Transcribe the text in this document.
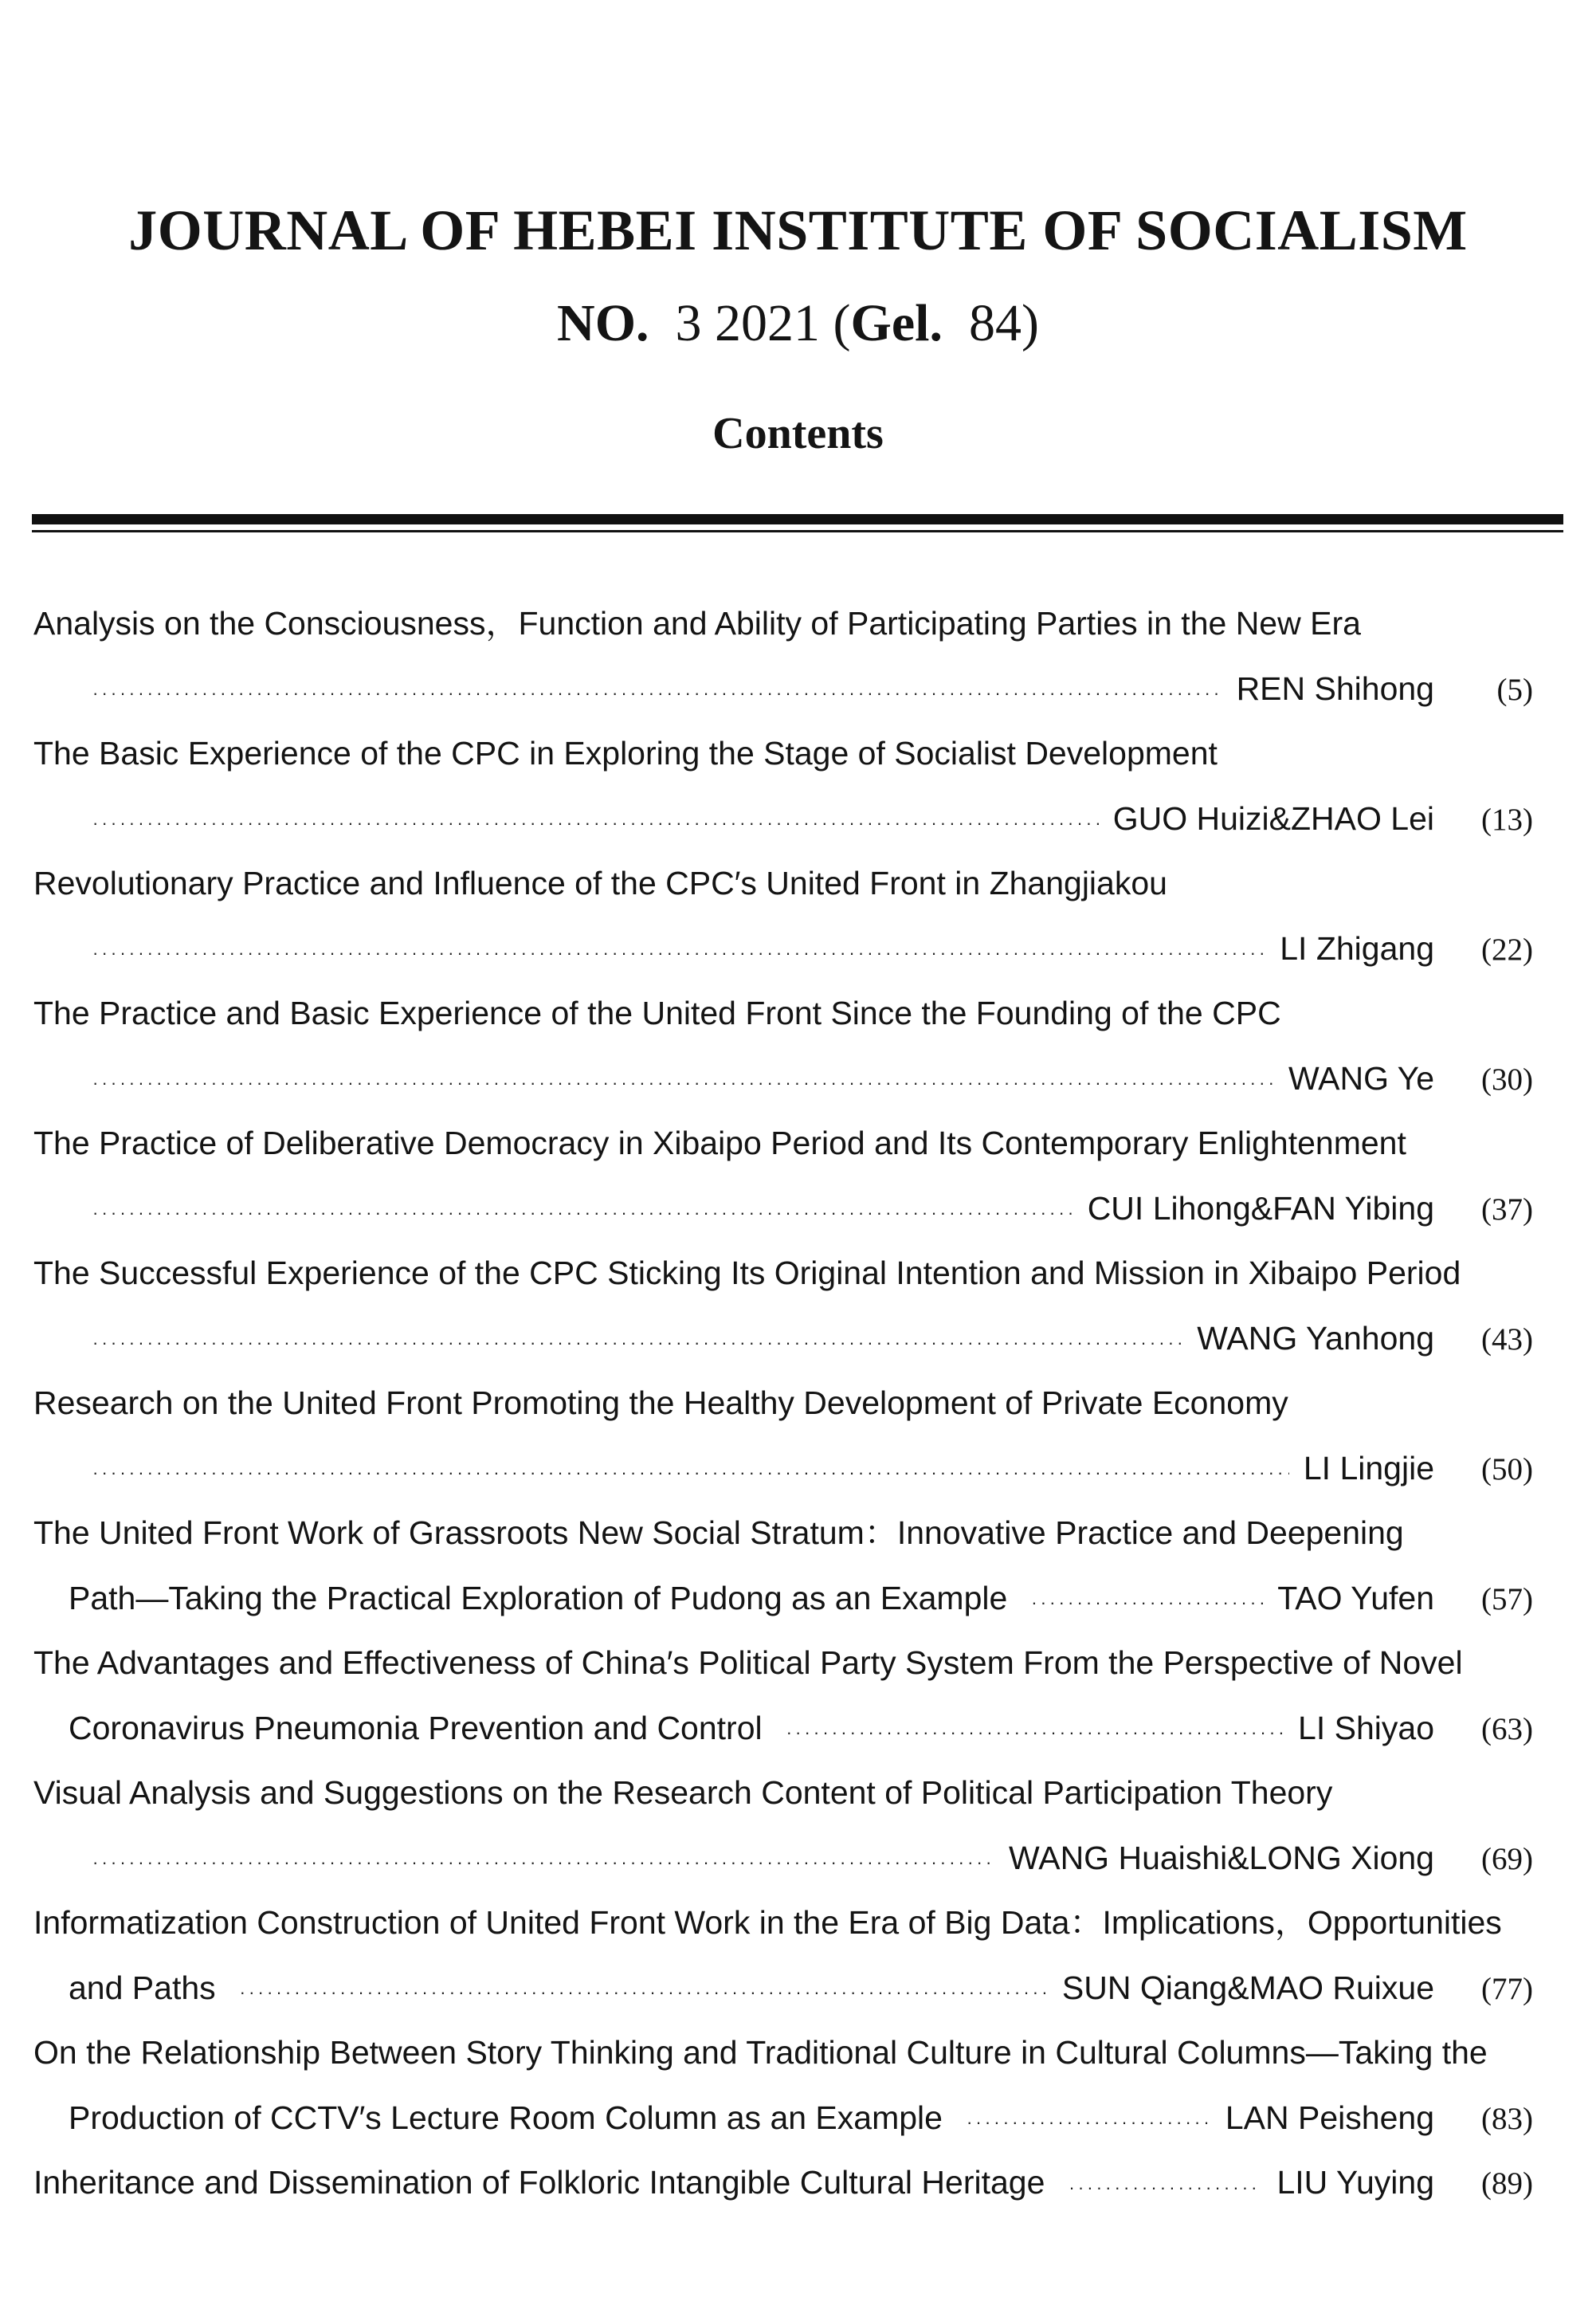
JOURNAL OF HEBEI INSTITUTE OF SOCIALISM
NO. 3 2021 (Gel. 84)
Contents
Analysis on the Consciousness，Function and Ability of Participating Parties in the New Era
· · ·
REN Shihong	(5)
The Basic Experience of the CPC in Exploring the Stage of Socialist Development
· · ·
GUO Huizi&ZHAO Lei	(13)
Revolutionary Practice and Influence of the CPC′s United Front in Zhangjiakou
· · ·
LI Zhigang	(22)
The Practice and Basic Experience of the United Front Since the Founding of the CPC
· · ·
WANG Ye	(30)
The Practice of Deliberative Democracy in Xibaipo Period and Its Contemporary Enlightenment
· · ·
CUI Lihong&FAN Yibing	(37)
The Successful Experience of the CPC Sticking Its Original Intention and Mission in Xibaipo Period
· · ·
WANG Yanhong	(43)
Research on the United Front Promoting the Healthy Development of Private Economy
· · ·
LI Lingjie	(50)
The United Front Work of Grassroots New Social Stratum：Innovative Practice and Deepening
Path—Taking the Practical Exploration of Pudong as an Example · · ·	TAO Yufen	(57)
The Advantages and Effectiveness of China′s Political Party System From the Perspective of Novel
Coronavirus Pneumonia Prevention and Control · · ·	LI Shiyao	(63)
Visual Analysis and Suggestions on the Research Content of Political Participation Theory
· · ·
WANG Huaishi&LONG Xiong	(69)
Informatization Construction of United Front Work in the Era of Big Data：Implications，Opportunities
and Paths · · ·	SUN Qiang&MAO Ruixue	(77)
On the Relationship Between Story Thinking and Traditional Culture in Cultural Columns—Taking the
Production of CCTV′s Lecture Room Column as an Example · · ·	LAN Peisheng	(83)
Inheritance and Dissemination of Folkloric Intangible Cultural Heritage · · ·	LIU Yuying	(89)
